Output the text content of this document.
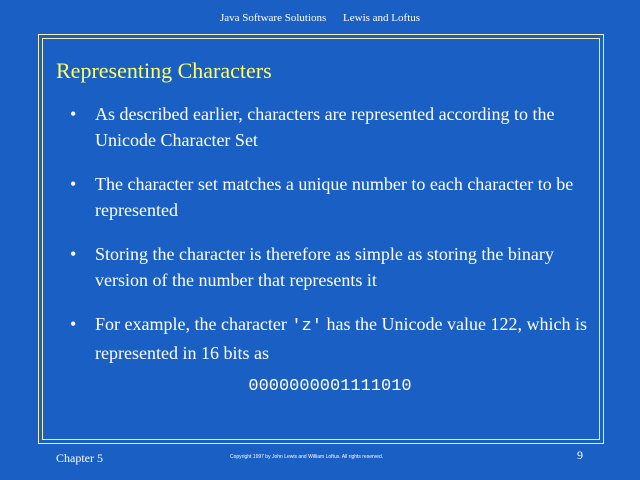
Java Software Solutions Lewis and Loftus
Representing Characters
• As described earlier, characters are represented according to the Unicode Character Set
• The character set matches a unique number to each character to be represented
• Storing the character is therefore as simple as storing the binary version of the number that represents it
• For example, the character 'z' has the Unicode value 122, which is represented in 16 bits as
0000000001111010
Chapter 5	Copyright 1997 by John Lewis and William Loftus. All rights reserved.	9
